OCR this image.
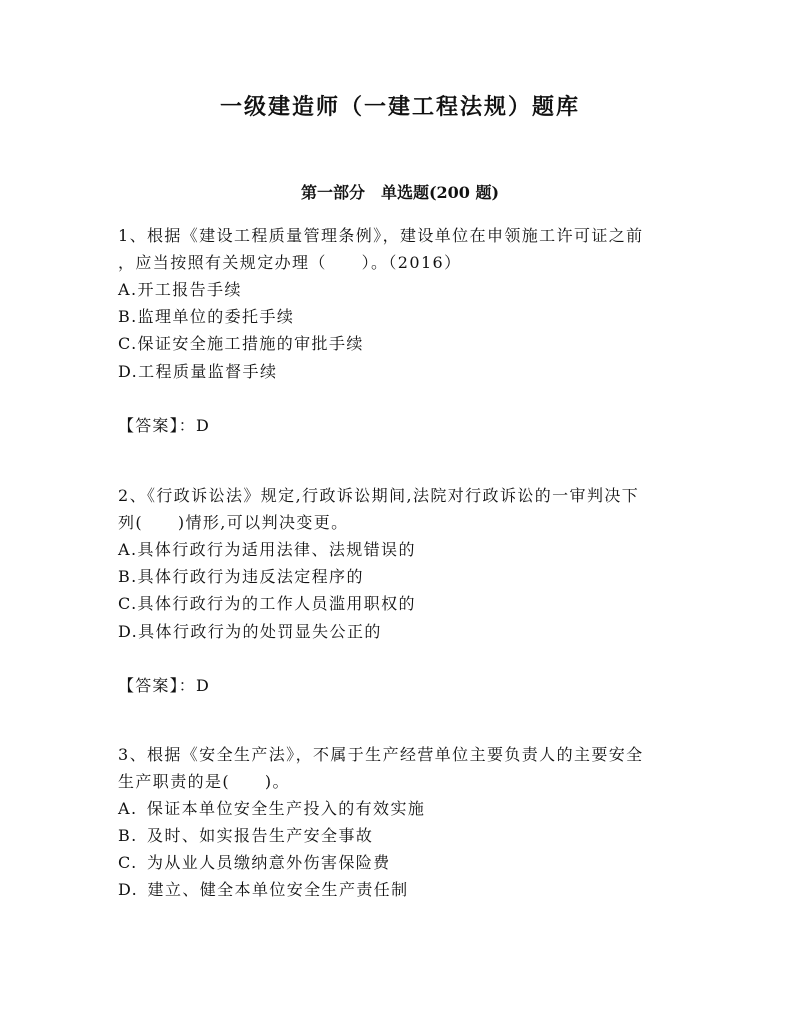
一级建造师（一建工程法规）题库
第一部分　单选题(200 题)
1、根据《建设工程质量管理条例》，建设单位在申领施工许可证之前
，应当按照有关规定办理（　　）。（2016）
A.开工报告手续
B.监理单位的委托手续
C.保证安全施工措施的审批手续
D.工程质量监督手续
【答案】：D
2、《行政诉讼法》规定,行政诉讼期间,法院对行政诉讼的一审判决下
列(　　)情形,可以判决变更。
A.具体行政行为适用法律、法规错误的
B.具体行政行为违反法定程序的
C.具体行政行为的工作人员滥用职权的
D.具体行政行为的处罚显失公正的
【答案】：D
3、根据《安全生产法》，不属于生产经营单位主要负责人的主要安全
生产职责的是(　　)。
A. 保证本单位安全生产投入的有效实施
B. 及时、如实报告生产安全事故
C. 为从业人员缴纳意外伤害保险费
D. 建立、健全本单位安全生产责任制
